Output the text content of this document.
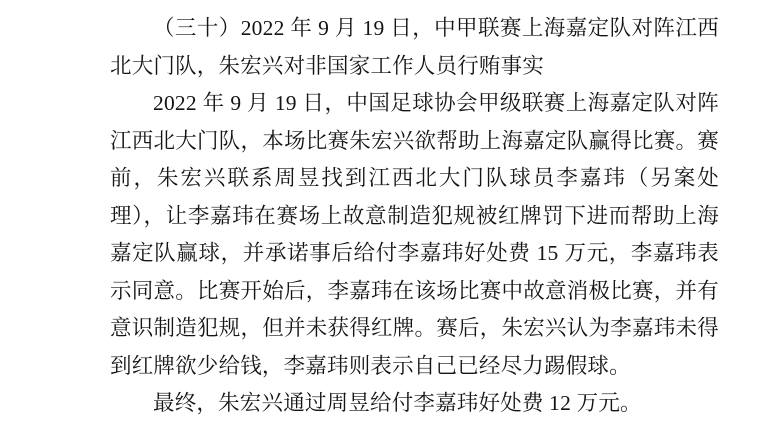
（三十）2022 年 9 月 19 日，中甲联赛上海嘉定队对阵江西北大门队，朱宏兴对非国家工作人员行贿事实

2022 年 9 月 19 日，中国足球协会甲级联赛上海嘉定队对阵江西北大门队，本场比赛朱宏兴欲帮助上海嘉定队赢得比赛。赛前，朱宏兴联系周昱找到江西北大门队球员李嘉玮（另案处理），让李嘉玮在赛场上故意制造犯规被红牌罚下进而帮助上海嘉定队赢球，并承诺事后给付李嘉玮好处费 15 万元，李嘉玮表示同意。比赛开始后，李嘉玮在该场比赛中故意消极比赛，并有意识制造犯规，但并未获得红牌。赛后，朱宏兴认为李嘉玮未得到红牌欲少给钱，李嘉玮则表示自己已经尽力踢假球。

最终，朱宏兴通过周昱给付李嘉玮好处费 12 万元。
